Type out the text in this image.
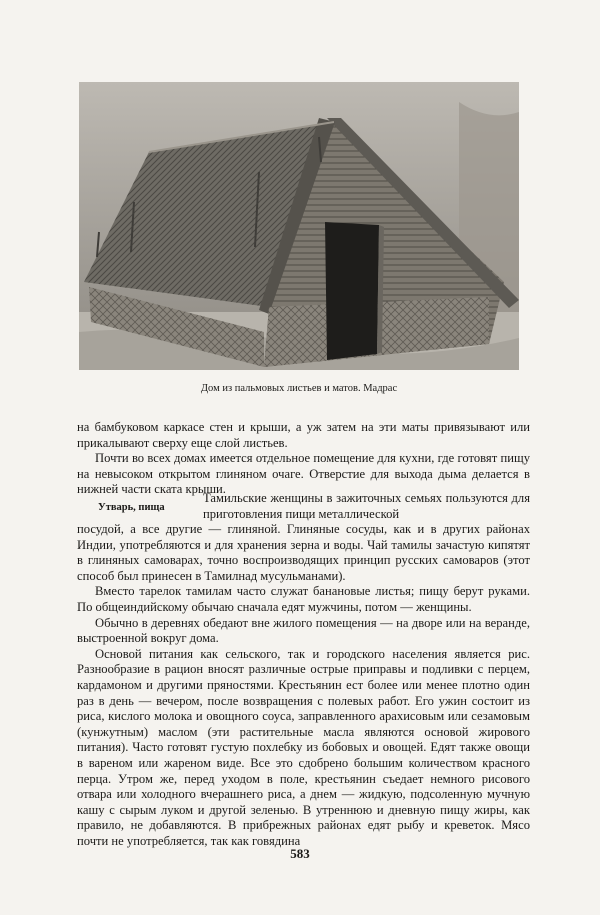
Дом из пальмовых листьев и матов. Мадрас

на бамбуковом каркасе стен и крыши, а уж затем на эти маты привязывают или прикалывают сверху еще слой листьев.

Почти во всех домах имеется отдельное помещение для кухни, где готовят пищу на невысоком открытом глиняном очаге. Отверстие для выхода дыма делается в нижней части ската крыши.

Утварь, пища

Тамильские женщины в зажиточных семьях пользуются для приготовления пищи металлической

посудой, а все другие — глиняной. Глиняные сосуды, как и в других районах Индии, употребляются и для хранения зерна и воды. Чай тамилы зачастую кипятят в глиняных самоварах, точно воспроизводящих принцип русских самоваров (этот способ был принесен в Тамилнад мусульманами).

Вместо тарелок тамилам часто служат банановые листья; пищу берут руками. По общеиндийскому обычаю сначала едят мужчины, потом — женщины.

Обычно в деревнях обедают вне жилого помещения — на дворе или на веранде, выстроенной вокруг дома.

Основой питания как сельского, так и городского населения является рис. Разнообразие в рацион вносят различные острые приправы и подливки с перцем, кардамоном и другими пряностями. Крестьянин ест более или менее плотно один раз в день — вечером, после возвращения с полевых работ. Его ужин состоит из риса, кислого молока и овощного соуса, заправленного арахисовым или сезамовым (кунжутным) маслом (эти растительные масла являются основой жирового питания). Часто готовят густую похлебку из бобовых и овощей. Едят также овощи в вареном или жареном виде. Все это сдобрено большим количеством красного перца. Утром же, перед уходом в поле, крестьянин съедает немного рисового отвара или холодного вчерашнего риса, а днем — жидкую, подсоленную мучную кашу с сырым луком и другой зеленью. В утреннюю и дневную пищу жиры, как правило, не добавляются. В прибрежных районах едят рыбу и креветок. Мясо почти не употребляется, так как говядина

583
